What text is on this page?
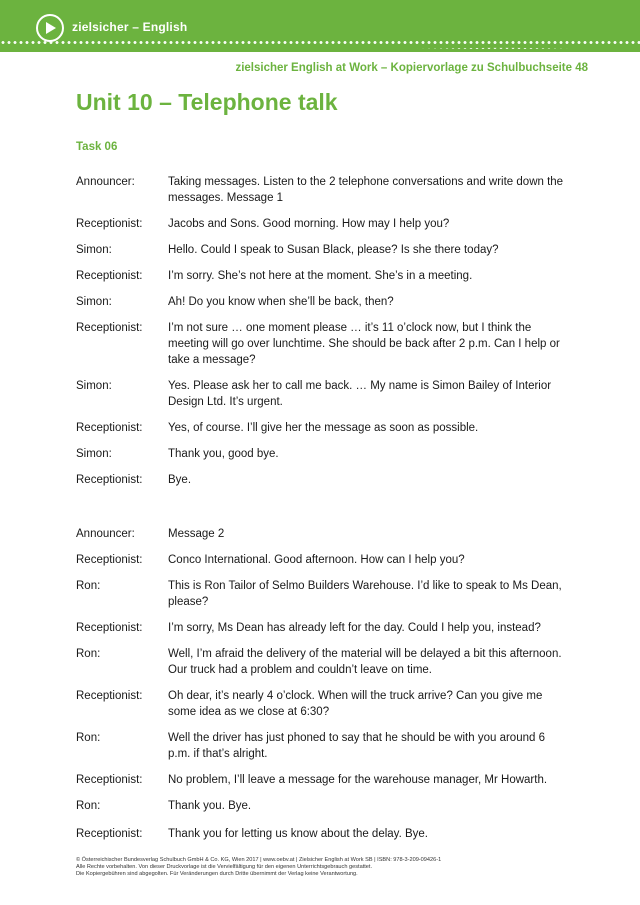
zielsicher – English
zielsicher English at Work – Kopiervorlage zu Schulbuchseite 48
Unit 10 – Telephone talk
Task 06
Announcer:	Taking messages. Listen to the 2 telephone conversations and write down the messages. Message 1
Receptionist:	Jacobs and Sons. Good morning. How may I help you?
Simon:	Hello. Could I speak to Susan Black, please? Is she there today?
Receptionist:	I’m sorry. She’s not here at the moment. She’s in a meeting.
Simon:	Ah! Do you know when she’ll be back, then?
Receptionist:	I’m not sure … one moment please … it’s 11 o’clock now, but I think the meeting will go over lunchtime. She should be back after 2 p.m. Can I help or take a message?
Simon:	Yes. Please ask her to call me back. … My name is Simon Bailey of Interior Design Ltd. It’s urgent.
Receptionist:	Yes, of course. I’ll give her the message as soon as possible.
Simon:	Thank you, good bye.
Receptionist:	Bye.
Announcer:	Message 2
Receptionist:	Conco International. Good afternoon. How can I help you?
Ron:	This is Ron Tailor of Selmo Builders Warehouse. I’d like to speak to Ms Dean, please?
Receptionist:	I’m sorry, Ms Dean has already left for the day. Could I help you, instead?
Ron:	Well, I’m afraid the delivery of the material will be delayed a bit this afternoon. Our truck had a problem and couldn’t leave on time.
Receptionist:	Oh dear, it’s nearly 4 o’clock. When will the truck arrive? Can you give me some idea as we close at 6:30?
Ron:	Well the driver has just phoned to say that he should be with you around 6 p.m. if that’s alright.
Receptionist:	No problem, I’ll leave a message for the warehouse manager, Mr Howarth.
Ron:	Thank you. Bye.
Receptionist:	Thank you for letting us know about the delay. Bye.
© Österreichischer Bundesverlag Schulbuch GmbH & Co. KG, Wien 2017 | www.oebv.at | Zielsicher English at Work SB | ISBN: 978-3-209-09426-1
Alle Rechte vorbehalten. Von dieser Druckvorlage ist die Vervielfältigung für den eigenen Unterrichtsgebrauch gestattet.
Die Kopiergebühren sind abgegolten. Für Veränderungen durch Dritte übernimmt der Verlag keine Verantwortung.
